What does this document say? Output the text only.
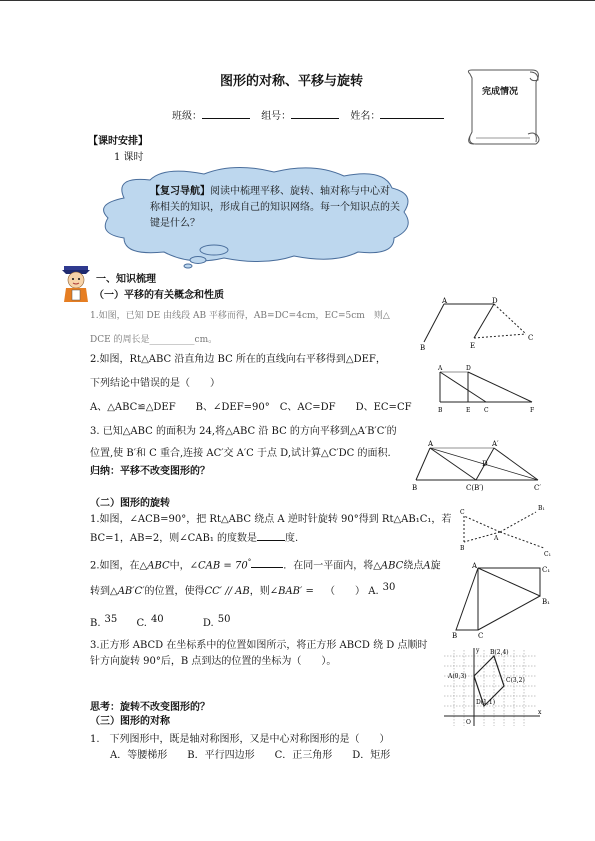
图形的对称、平移与旋转
班级：	组号：	姓名：
完成情况
【课时安排】
1 课时
【复习导航】阅读中梳理平移、旋转、轴对称与中心对
称相关的知识，形成自己的知识网络。每一个知识点的关
键是什么？
一、知识梳理
（一）平移的有关概念和性质
1.如图，已知 DE 由线段 AB 平移而得，AB=DC=4cm，EC=5cm　则△
DCE 的周长是__________cm。
A	D
E
C
B
2.如图，Rt△ABC 沿直角边 BC 所在的直线向右平移得到△DEF，
下列结论中错误的是（　　）
A、△ABC≌△DEF　　B、∠DEF=90°　C、AC=DF　　D、EC=CF
A	D
B	E C	F
3. 已知△ABC 的面积为 24,将△ABC 沿 BC 的方向平移到△A′B′C′的
位置,使 B′和 C 重合,连接 AC′交 A′C 于点 D,试计算△C′DC 的面积.
归纳：平移不改变图形的？
A	A′
D
B	C(B′)	C′
（二）图形的旋转
1.如图，∠ACB=90°，把 Rt△ABC 绕点 A 逆时针旋转 90°得到 Rt△AB₁C₁，若
BC=1，AB=2，则∠CAB₁ 的度数是	度.	A
C
B
B₁
C₁
2.如图，在△ABC中，∠CAB = 70°	．在同一平面内，将△ABC绕点A旋
转到△AB′C′的位置，使得CC′ // AB，则∠BAB′ = （　　） A. 30
B. 35 C. 40	D. 50
A	C₁
B	C
B₁
3.正方形 ABCD 在坐标系中的位置如图所示，将正方形 ABCD 绕 D 点顺时
针方向旋转 90°后，B 点到达的位置的坐标为（　　）。
y B(2,4)
A(0,3)
C(3,2)
D(1,1)
O
x
思考：旋转不改变图形的？
（三）图形的对称
1.　下列图形中，既是轴对称图形，又是中心对称图形的是（　　）
A．等腰梯形　　B．平行四边形　　C．正三角形　　D．矩形
